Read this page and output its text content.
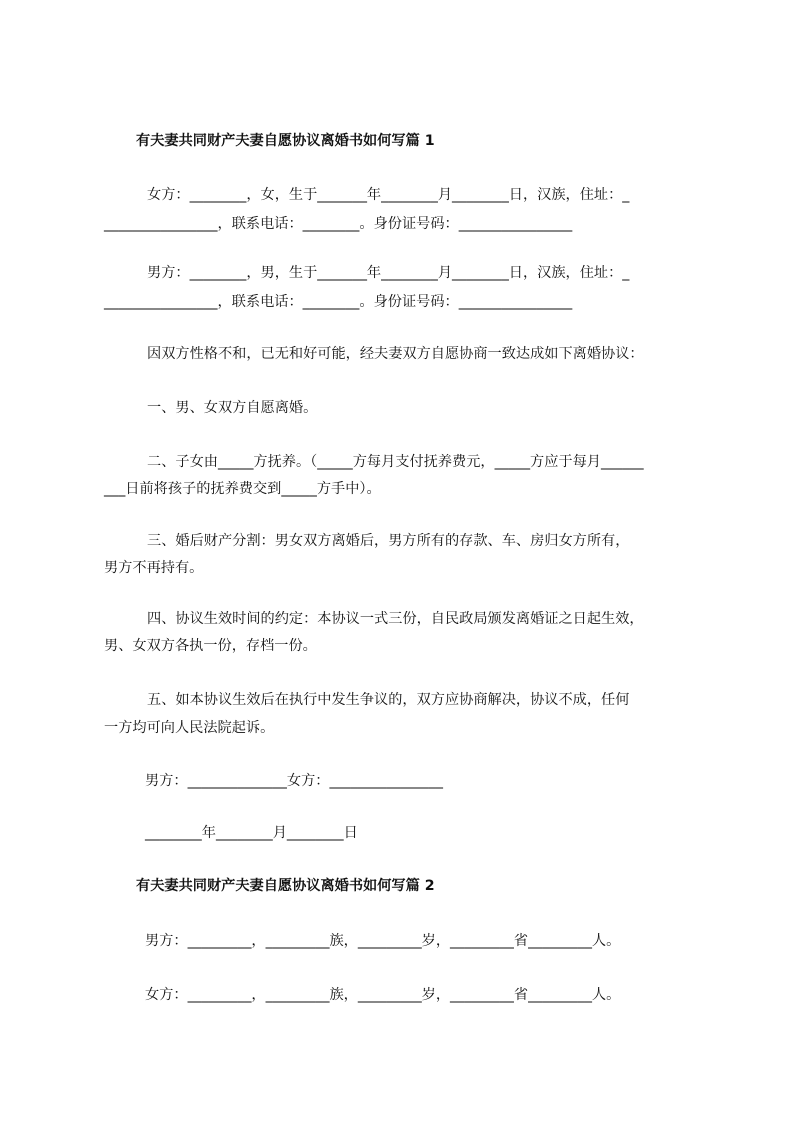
有夫妻共同财产夫妻自愿协议离婚书如何写篇 1
女方：________，女，生于_______年________月________日，汉族，住址：_
________________，联系电话：________。身份证号码：________________
男方：________，男，生于_______年________月________日，汉族，住址：_
________________，联系电话：________。身份证号码：________________
因双方性格不和，已无和好可能，经夫妻双方自愿协商一致达成如下离婚协议：
一、男、女双方自愿离婚。
二、子女由_____方抚养。（_____方每月支付抚养费元，_____方应于每月______
___日前将孩子的抚养费交到_____方手中）。
三、婚后财产分割：男女双方离婚后，男方所有的存款、车、房归女方所有，
男方不再持有。
四、协议生效时间的约定：本协议一式三份，自民政局颁发离婚证之日起生效，
男、女双方各执一份，存档一份。
五、如本协议生效后在执行中发生争议的，双方应协商解决，协议不成，任何
一方均可向人民法院起诉。
男方：______________女方：________________
________年________月________日
有夫妻共同财产夫妻自愿协议离婚书如何写篇 2
男方：_________，_________族，_________岁，_________省_________人。
女方：_________，_________族，_________岁，_________省_________人。
